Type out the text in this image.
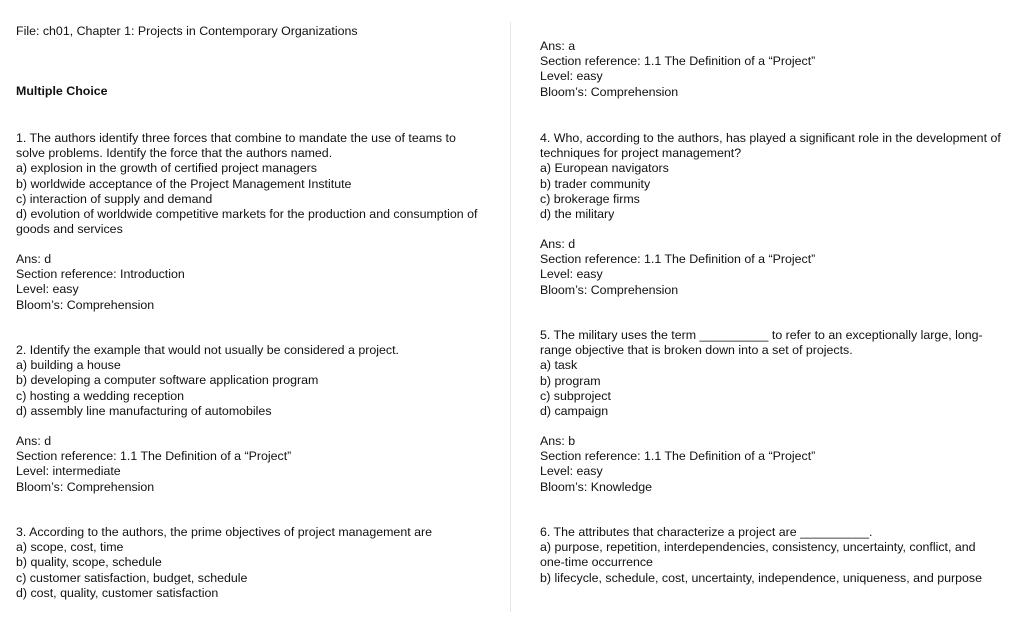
File: ch01, Chapter 1: Projects in Contemporary Organizations
Multiple Choice
1. The authors identify three forces that combine to mandate the use of teams to solve problems. Identify the force that the authors named.
a) explosion in the growth of certified project managers
b) worldwide acceptance of the Project Management Institute
c) interaction of supply and demand
d) evolution of worldwide competitive markets for the production and consumption of goods and services
Ans: d
Section reference: Introduction
Level: easy
Bloom’s: Comprehension
2. Identify the example that would not usually be considered a project.
a) building a house
b) developing a computer software application program
c) hosting a wedding reception
d) assembly line manufacturing of automobiles
Ans: d
Section reference: 1.1 The Definition of a “Project”
Level: intermediate
Bloom’s: Comprehension
3. According to the authors, the prime objectives of project management are
a) scope, cost, time
b) quality, scope, schedule
c) customer satisfaction, budget, schedule
d) cost, quality, customer satisfaction
Ans: a
Section reference: 1.1 The Definition of a “Project”
Level: easy
Bloom’s: Comprehension
4. Who, according to the authors, has played a significant role in the development of techniques for project management?
a) European navigators
b) trader community
c) brokerage firms
d) the military
Ans: d
Section reference: 1.1 The Definition of a “Project”
Level: easy
Bloom’s: Comprehension
5. The military uses the term __________ to refer to an exceptionally large, long-range objective that is broken down into a set of projects.
a) task
b) program
c) subproject
d) campaign
Ans: b
Section reference: 1.1 The Definition of a “Project”
Level: easy
Bloom’s: Knowledge
6. The attributes that characterize a project are __________.
a) purpose, repetition, interdependencies, consistency, uncertainty, conflict, and one-time occurrence
b) lifecycle, schedule, cost, uncertainty, independence, uniqueness, and purpose
